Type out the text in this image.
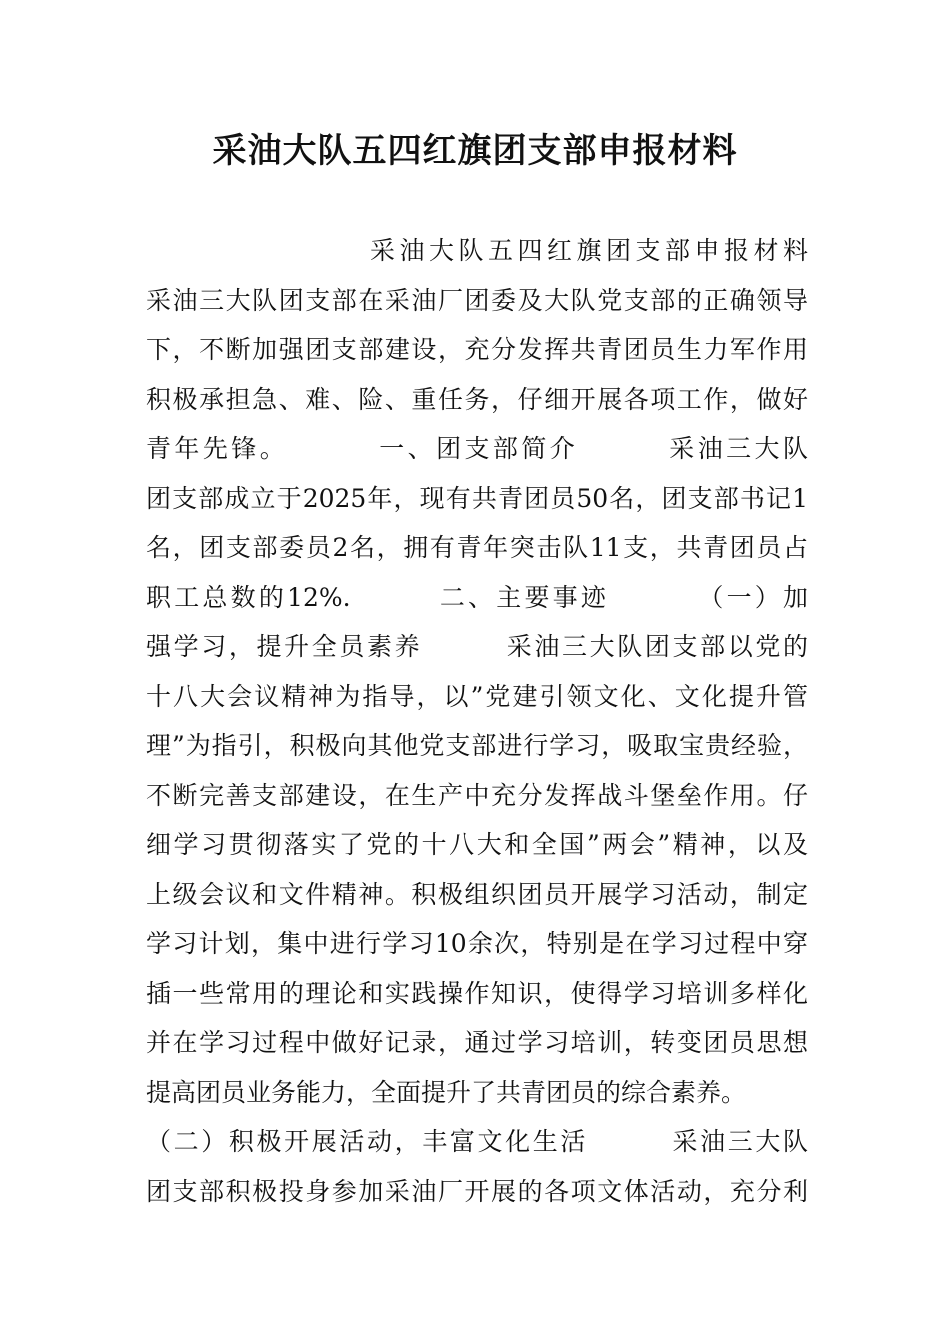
采油大队五四红旗团支部申报材料
采油大队五四红旗团支部申报材料
采油三大队团支部在采油厂团委及大队党支部的正确领导
下，不断加强团支部建设，充分发挥共青团员生力军作用
积极承担急、难、险、重任务，仔细开展各项工作，做好
青年先锋。        一、团支部简介        采油三大队
团支部成立于2025年，现有共青团员50名，团支部书记1
名，团支部委员2名，拥有青年突击队11支，共青团员占
职工总数的12%.        二、主要事迹        （一）加
强学习，提升全员素养        采油三大队团支部以党的
十八大会议精神为指导，以”党建引领文化、文化提升管
理”为指引，积极向其他党支部进行学习，吸取宝贵经验，
不断完善支部建设，在生产中充分发挥战斗堡垒作用。仔
细学习贯彻落实了党的十八大和全国”两会”精神，以及
上级会议和文件精神。积极组织团员开展学习活动，制定
学习计划，集中进行学习10余次，特别是在学习过程中穿
插一些常用的理论和实践操作知识，使得学习培训多样化
并在学习过程中做好记录，通过学习培训，转变团员思想
提高团员业务能力，全面提升了共青团员的综合素养。
（二）积极开展活动，丰富文化生活        采油三大队
团支部积极投身参加采油厂开展的各项文体活动，充分利
